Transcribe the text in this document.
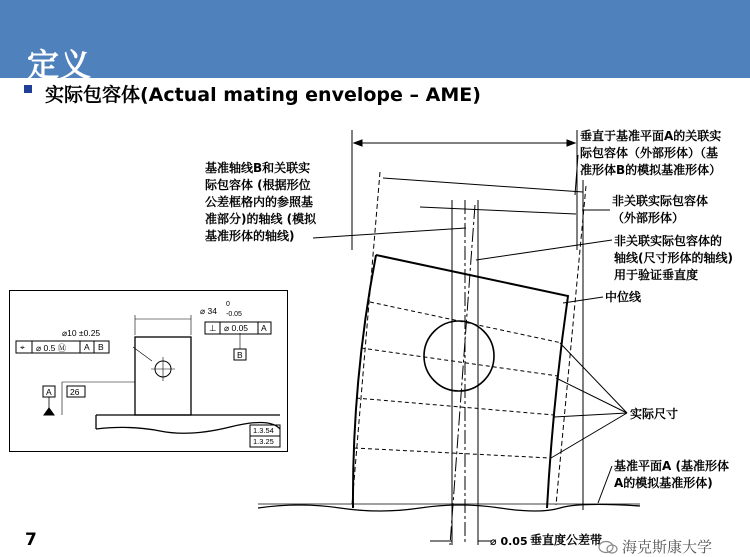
定义
实际包容体(Actual mating envelope – AME)
垂直于基准平面A的关联实
际包容体（外部形体）（基
准形体B的模拟基准形体）
基准轴线B和关联实
际包容体 (根据形位
公差框格内的参照基
准部分)的轴线 (模拟
基准形体的轴线)
非关联实际包容体
（外部形体）
非关联实际包容体的
轴线(尺寸形体的轴线)
用于验证垂直度
中位线
实际尺寸
基准平面A (基准形体
A的模拟基准形体)
⌀ 0.05 垂直度公差带
⌀ 34
0
-0.05
⌀10 ±0.25
⌖ ⌀ 0.5 Ⓜ A B
⊥ ⌀ 0.05 A
B
A 26
1.3.54
1.3.25
7	海克斯康大学
